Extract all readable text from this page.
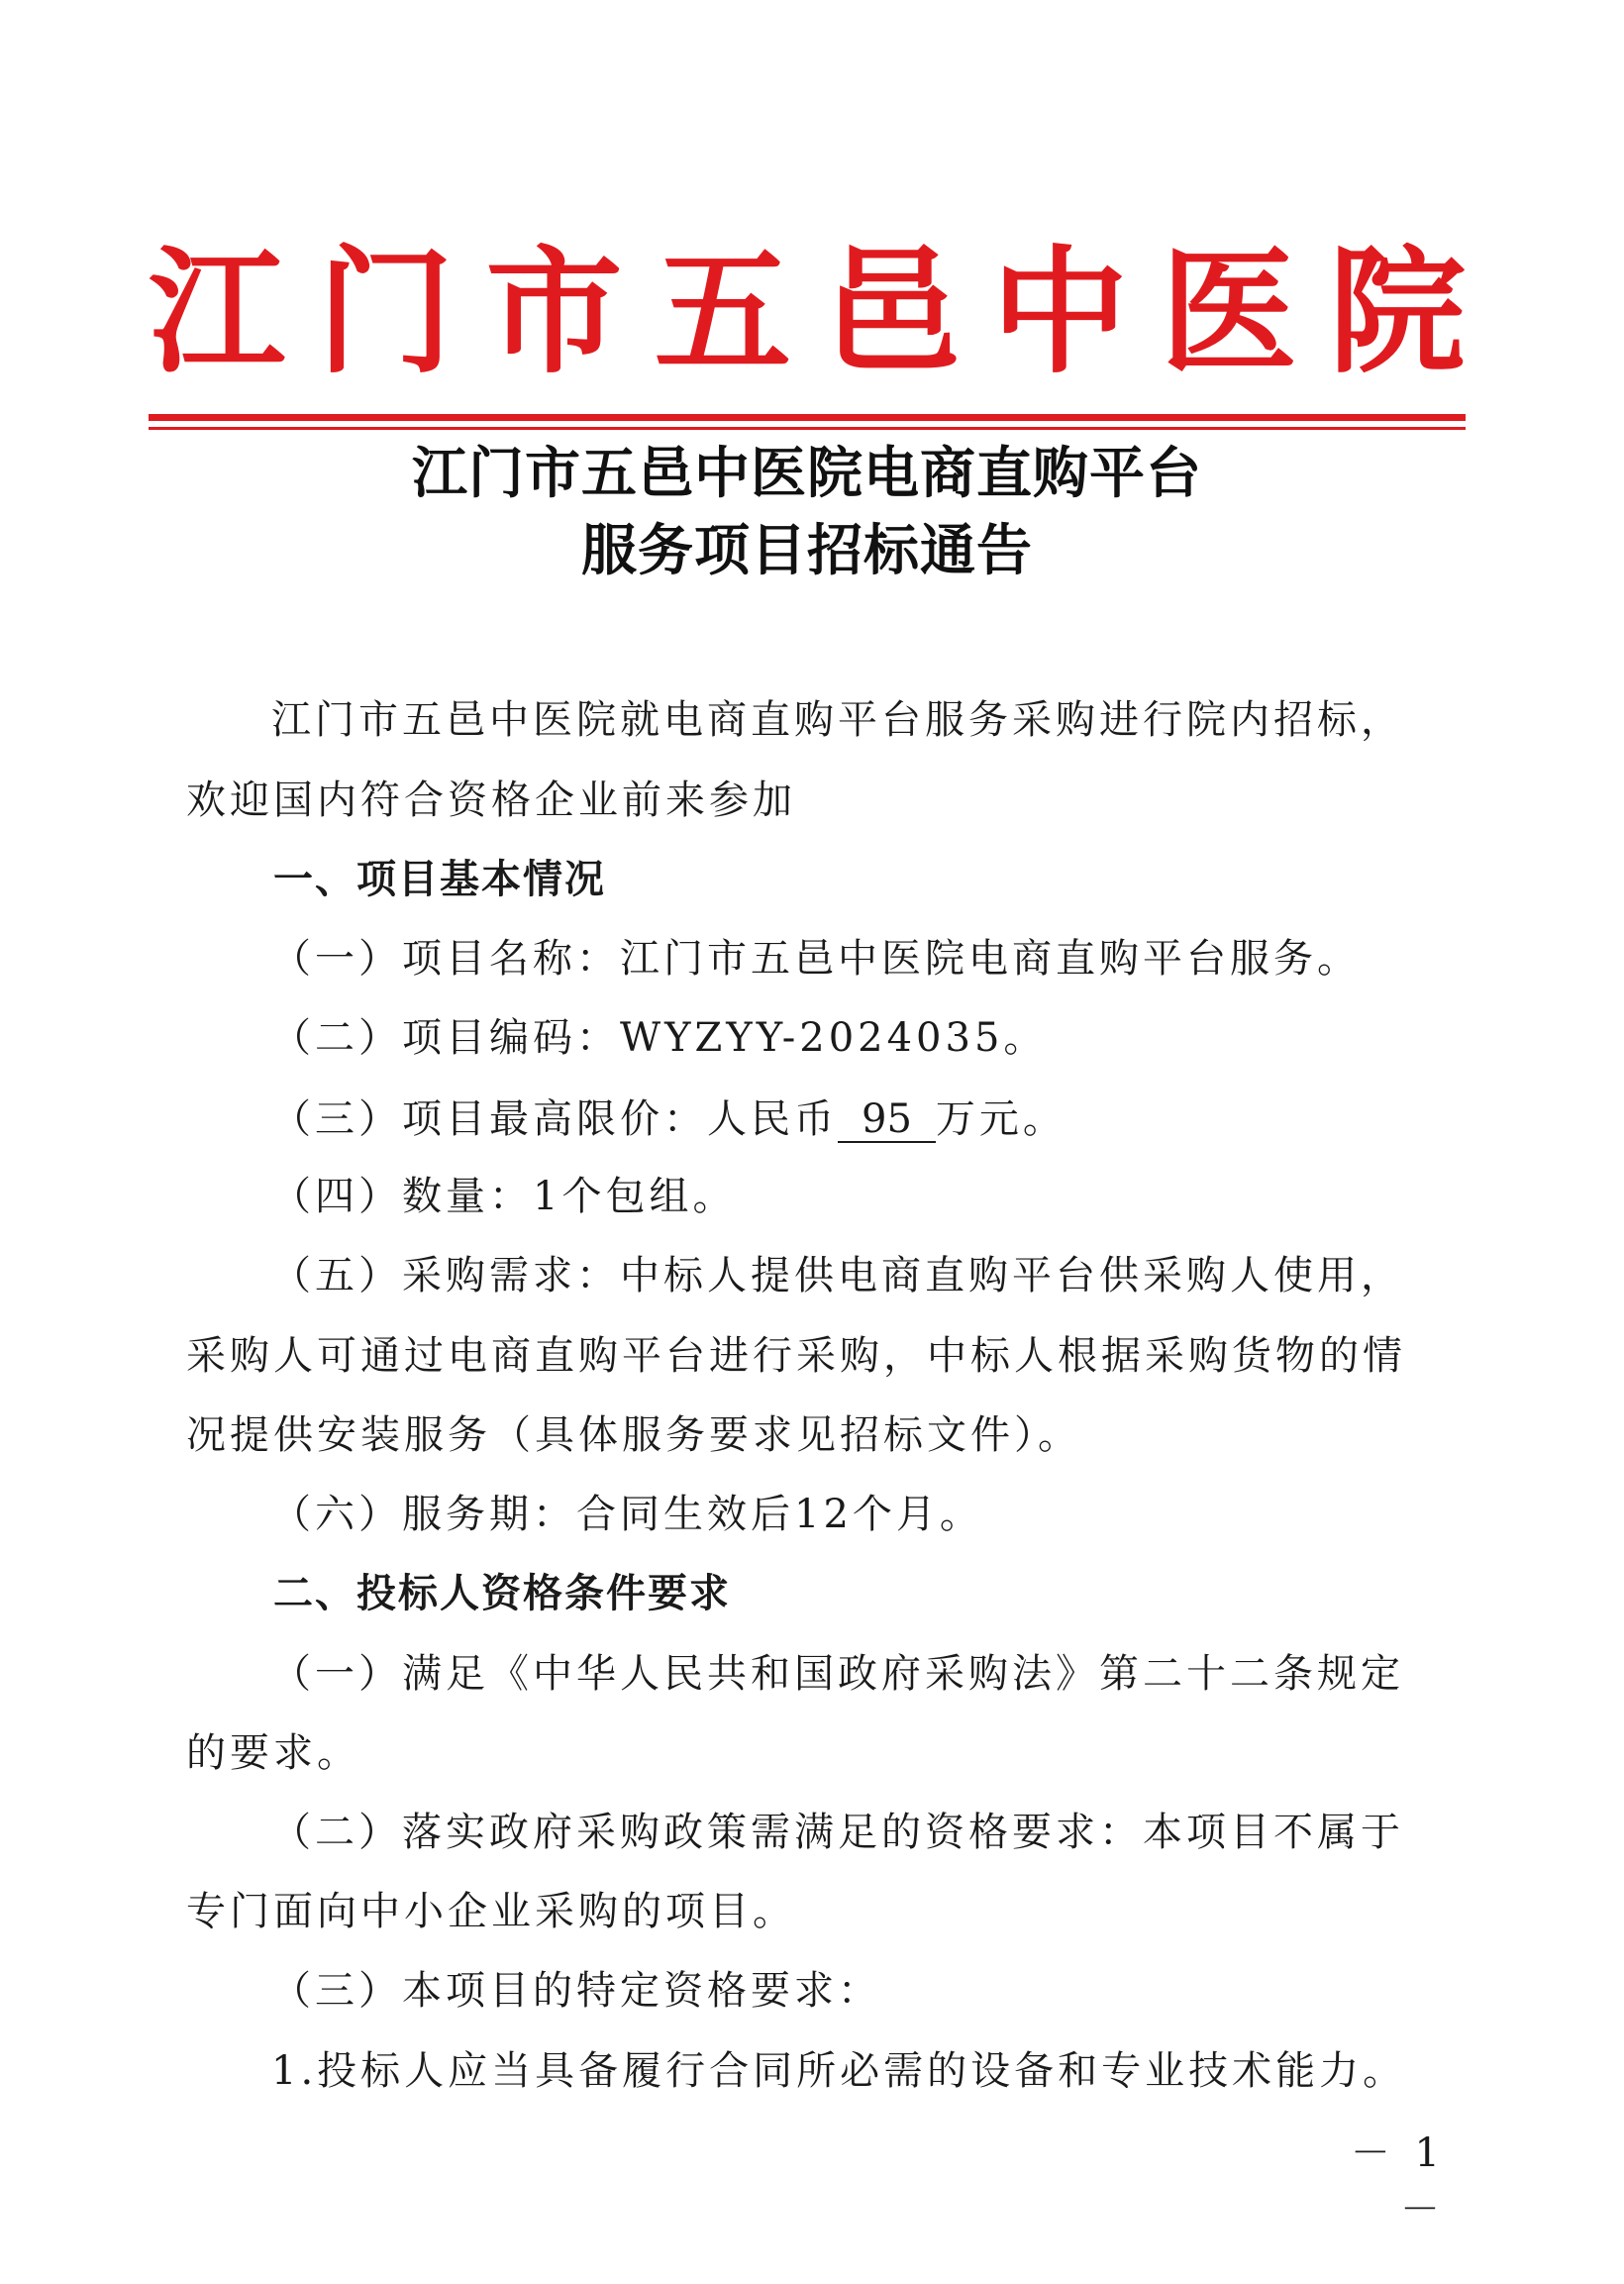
江 门 市 五 邑 中 医 院
江门市五邑中医院电商直购平台
服务项目招标通告
江门市五邑中医院就电商直购平台服务采购进行院内招标，
欢迎国内符合资格企业前来参加
一、项目基本情况
（一）项目名称：江门市五邑中医院电商直购平台服务。
（二）项目编码：WYZYY-2024035。
（三）项目最高限价：人民币 95 万元。
（四）数量：1个包组。
（五）采购需求：中标人提供电商直购平台供采购人使用，
采购人可通过电商直购平台进行采购，中标人根据采购货物的情
况提供安装服务（具体服务要求见招标文件）。
（六）服务期：合同生效后12个月。
二、投标人资格条件要求
（一）满足《中华人民共和国政府采购法》第二十二条规定
的要求。
（二）落实政府采购政策需满足的资格要求：本项目不属于
专门面向中小企业采购的项目。
（三）本项目的特定资格要求：
1.投标人应当具备履行合同所必需的设备和专业技术能力。
－ 1 －
